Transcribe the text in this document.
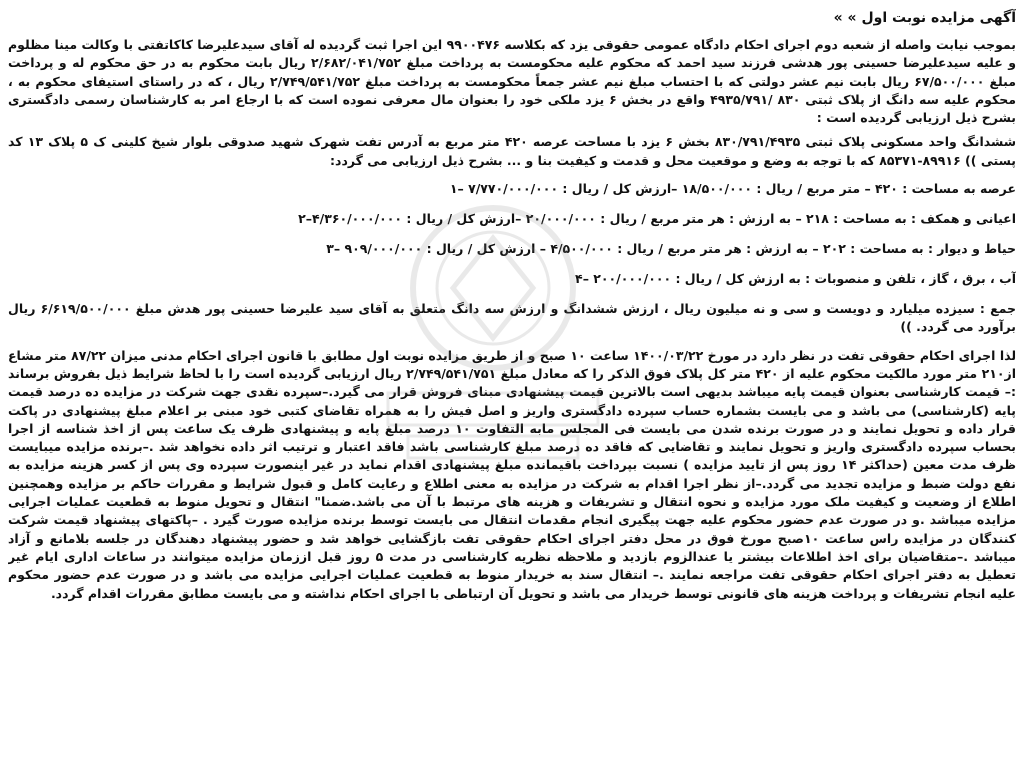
آگهی مزایده نوبت اول » »

بموجب نیابت واصله از شعبه دوم اجرای احکام دادگاه عمومی حقوقی یزد که بکلاسه ۹۹۰۰۴۷۶ این اجرا ثبت گردیده له آقای سیدعلیرضا کاکاتفتی با وکالت مینا مظلوم و علیه سیدعلیرضا حسینی پور هدشی فرزند سید احمد که محکوم علیه محکومست به پرداخت مبلغ ۲/۶۸۲/۰۴۱/۷۵۲ ریال بابت محکوم به در حق محکوم له و پرداخت مبلغ ۶۷/۵۰۰/۰۰۰ ریال بابت نیم عشر دولتی که با احتساب مبلغ نیم عشر جمعاً محکومست به پرداخت مبلغ ۲/۷۴۹/۵۴۱/۷۵۲ ریال ، که در راستای استیفای محکوم به ، محکوم علیه سه دانگ از پلاک ثبتی ۸۳۰ /۴۹۳۵/۷۹۱ واقع در بخش ۶ یزد ملکی خود را بعنوان مال معرفی نموده است که با ارجاع امر به کارشناسان رسمی دادگستری بشرح ذیل ارزیابی گردیده است :

ششدانگ واحد مسکونی پلاک ثبتی ۸۳۰/۷۹۱/۴۹۳۵ بخش ۶ یزد با مساحت عرصه ۴۲۰ متر مربع به آدرس تفت شهرک شهید صدوقی بلوار شیخ کلینی ک ۵ پلاک ۱۳ کد پستی )) ۸۹۹۱۶-۸۵۳۷۱ که با توجه به وضع و موقعیت محل و قدمت و کیفیت بنا و ... بشرح ذیل ارزیابی می گردد:

عرصه به مساحت : ۴۲۰ – متر مربع / ریال : ۱۸/۵۰۰/۰۰۰ –ارزش کل / ریال : ۷/۷۷۰/۰۰۰/۰۰۰ –۱
اعیانی و همکف : به مساحت : ۲۱۸ – به ارزش : هر متر مربع / ریال : ۲۰/۰۰۰/۰۰۰ –ارزش کل / ریال : ۴/۳۶۰/۰۰۰/۰۰۰–۲
حیاط و دیوار : به مساحت : ۲۰۲ – به ارزش : هر متر مربع / ریال : ۴/۵۰۰/۰۰۰ – ارزش کل / ریال : ۹۰۹/۰۰۰/۰۰۰ –۳
آب ، برق ، گاز ، تلفن و منصوبات : به ارزش کل / ریال : ۲۰۰/۰۰۰/۰۰۰ –۴

جمع : سیزده میلیارد و دویست و سی و نه میلیون ریال ، ارزش ششدانگ و ارزش سه دانگ متعلق به آقای سید علیرضا حسینی پور هدش مبلغ ۶/۶۱۹/۵۰۰/۰۰۰ ریال برآورد می گردد. ))

لذا اجرای احکام حقوقی تفت در نظر دارد در مورخ ۱۴۰۰/۰۳/۲۲ ساعت ۱۰ صبح و از طریق مزایده نوبت اول مطابق با قانون اجرای احکام مدنی میزان ۸۷/۲۲ متر مشاع از۲۱۰ متر مورد مالکیت محکوم علیه از ۴۲۰ متر کل پلاک فوق الذکر را که معادل مبلغ ۲/۷۴۹/۵۴۱/۷۵۱ ریال ارزیابی گردیده است را با لحاظ شرایط ذیل بفروش برساند :– قیمت کارشناسی بعنوان قیمت پایه میباشد بدیهی است بالاترین قیمت پیشنهادی مبنای فروش قرار می گیرد.–سپرده نقدی جهت شرکت در مزایده ده درصد قیمت پایه (کارشناسی) می باشد و می بایست بشماره حساب سپرده دادگستری واریز و اصل فیش را به همراه تقاضای کتبی خود مبنی بر اعلام مبلغ پیشنهادی در پاکت قرار داده و تحویل نمایند و در صورت برنده شدن می بایست فی المجلس مابه التفاوت ۱۰ درصد مبلغ پایه و پیشنهادی ظرف یک ساعت پس از اخذ شناسه از اجرا بحساب سپرده دادگستری واریز و تحویل نمایند و تقاضایی که فاقد ده درصد مبلغ کارشناسی باشد فاقد اعتبار و ترتیب اثر داده نخواهد شد .–برنده مزایده میبایست ظرف مدت معین (حداکثر ۱۴ روز پس از تایید مزایده ) نسبت بپرداخت باقیمانده مبلغ پیشنهادی اقدام نماید در غیر اینصورت سپرده وی پس از کسر هزینه مزایده به نفع دولت ضبط و مزایده تجدید می گردد.–از نظر اجرا اقدام به شرکت در مزایده به معنی اطلاع و رعایت کامل و قبول شرایط و مقررات حاکم بر مزایده وهمچنین اطلاع از وضعیت و کیفیت ملک مورد مزایده و نحوه انتقال و تشریفات و هزینه های مرتبط با آن می باشد.ضمنا" انتقال و تحویل منوط به قطعیت عملیات اجرایی مزایده میباشد .و در صورت عدم حضور محکوم علیه جهت پیگیری انجام مقدمات انتقال می بایست توسط برنده مزایده صورت گیرد . –پاکتهای پیشنهاد قیمت شرکت کنندگان در مزایده راس ساعت ۱۰صبح مورخ فوق در محل دفتر اجرای احکام حقوقی تفت بازگشایی خواهد شد و حضور پیشنهاد دهندگان در جلسه بلامانع و آزاد میباشد .–متقاضیان برای اخذ اطلاعات بیشتر یا عندالزوم بازدید و ملاحظه نظریه کارشناسی در مدت ۵ روز قبل اززمان مزایده میتوانند در ساعات اداری ایام غیر تعطیل به دفتر اجرای احکام حقوقی تفت مراجعه نمایند .– انتقال سند به خریدار منوط به قطعیت عملیات اجرایی مزایده می باشد و در صورت عدم حضور محکوم علیه انجام تشریفات و پرداخت هزینه های قانونی توسط خریدار می باشد و تحویل آن ارتباطی با اجرای احکام نداشته و می بایست مطابق مقررات اقدام گردد.
